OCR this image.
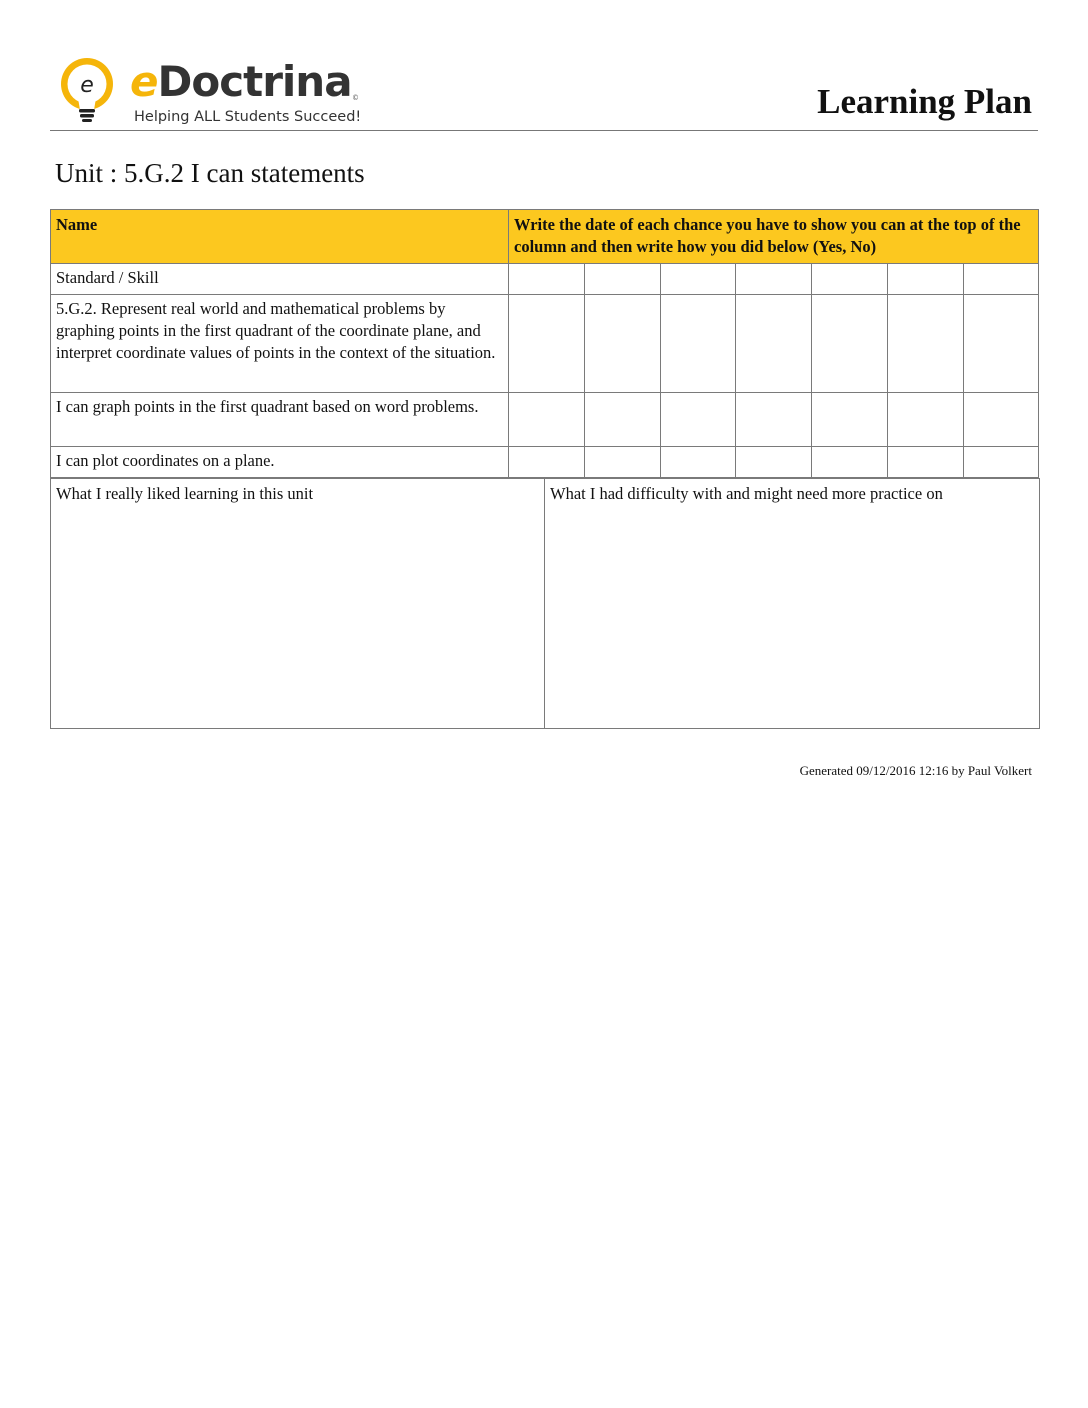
e eDoctrina ©
Helping ALL Students Succeed!	Learning Plan
Unit : 5.G.2 I can statements
Name	Write the date of each chance you have to show you can at the top of the column and then write how you did below (Yes, No)						
Standard / Skill							
5.G.2. Represent real world and mathematical problems by graphing points in the first quadrant of the coordinate plane, and interpret coordinate values of points in the context of the situation.							
I can graph points in the first quadrant based on word problems.							
I can plot coordinates on a plane.							
What I really liked learning in this unit	What I had difficulty with and might need more practice on
Generated 09/12/2016 12:16 by Paul Volkert
